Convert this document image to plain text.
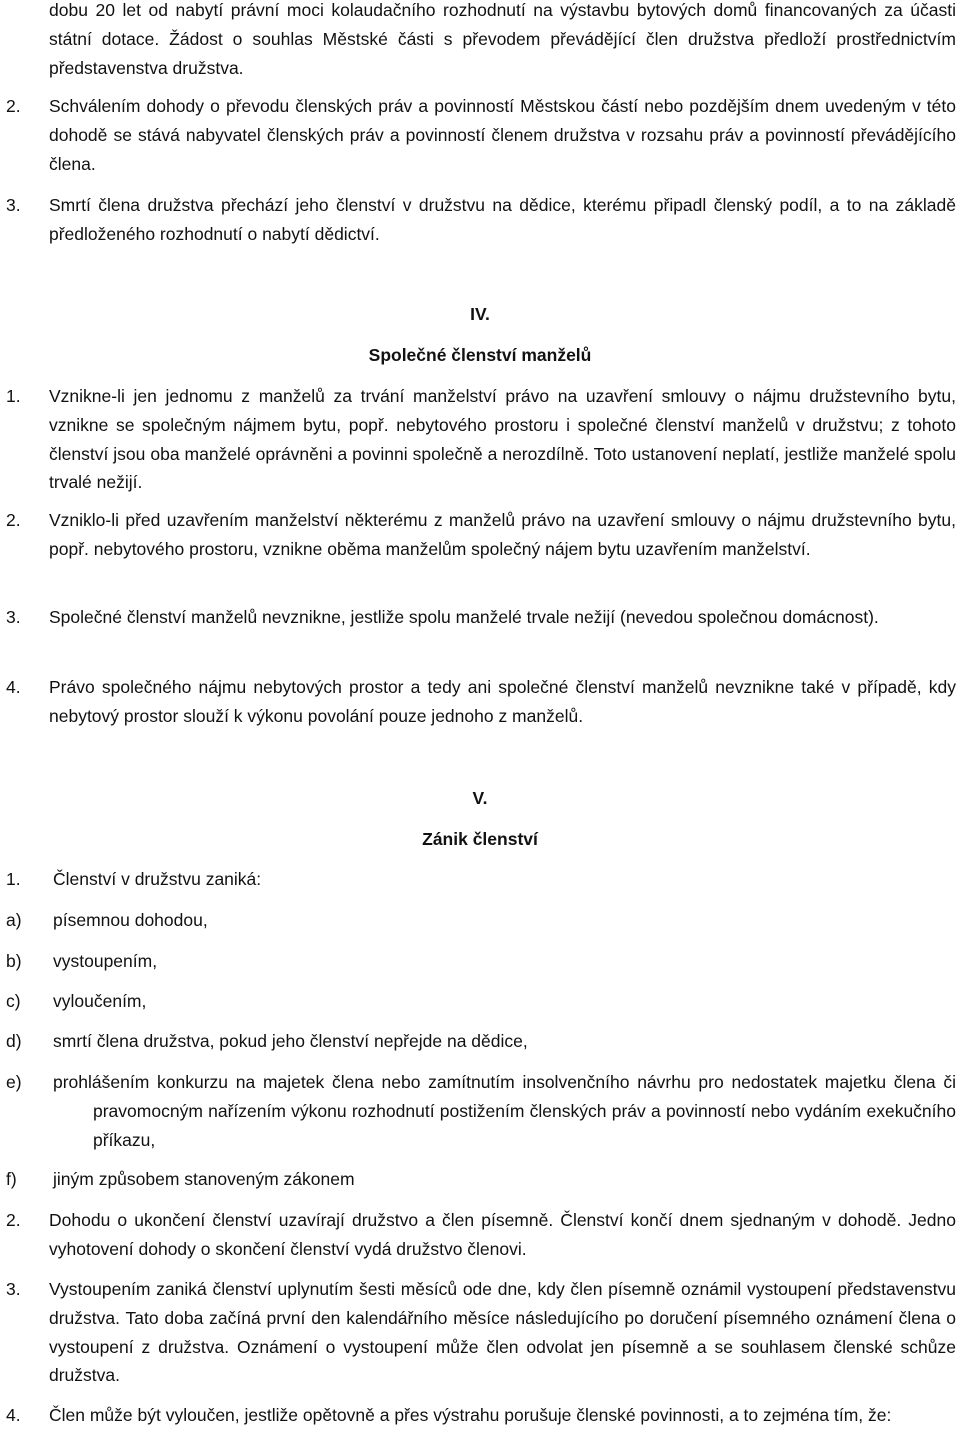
dobu 20 let od nabytí právní moci kolaudačního rozhodnutí na výstavbu bytových domů financovaných za účasti státní dotace. Žádost o souhlas Městské části s převodem převádějící člen družstva předloží prostřednictvím představenstva družstva.

2. Schválením dohody o převodu členských práv a povinností Městskou částí nebo pozdějším dnem uvedeným v této dohodě se stává nabyvatel členských práv a povinností členem družstva v rozsahu práv a povinností převádějícího člena.

3. Smrtí člena družstva přechází jeho členství v družstvu na dědice, kterému připadl členský podíl, a to na základě předloženého rozhodnutí o nabytí dědictví.

IV.

Společné členství manželů

1. Vznikne-li jen jednomu z manželů za trvání manželství právo na uzavření smlouvy o nájmu družstevního bytu, vznikne se společným nájmem bytu, popř. nebytového prostoru i společné členství manželů v družstvu; z tohoto členství jsou oba manželé oprávněni a povinni společně a nerozdílně. Toto ustanovení neplatí, jestliže manželé spolu trvalé nežijí.

2. Vzniklo-li před uzavřením manželství některému z manželů právo na uzavření smlouvy o nájmu družstevního bytu, popř. nebytového prostoru, vznikne oběma manželům společný nájem bytu uzavřením manželství.

3. Společné členství manželů nevznikne, jestliže spolu manželé trvale nežijí (nevedou společnou domácnost).

4. Právo společného nájmu nebytových prostor a tedy ani společné členství manželů nevznikne také v případě, kdy nebytový prostor slouží k výkonu povolání pouze jednoho z manželů.

V.

Zánik členství

1. Členství v družstvu zaniká:

a) písemnou dohodou,
b) vystoupením,
c) vyloučením,
d) smrtí člena družstva, pokud jeho členství nepřejde na dědice,
e) prohlášením konkurzu na majetek člena nebo zamítnutím insolvenčního návrhu pro nedostatek majetku člena či pravomocným nařízením výkonu rozhodnutí postižením členských práv a povinností nebo vydáním exekučního příkazu,
f) jiným způsobem stanoveným zákonem
2. Dohodu o ukončení členství uzavírají družstvo a člen písemně. Členství končí dnem sjednaným v dohodě. Jedno vyhotovení dohody o skončení členství vydá družstvo členovi.

3. Vystoupením zaniká členství uplynutím šesti měsíců ode dne, kdy člen písemně oznámil vystoupení představenstvu družstva. Tato doba začíná první den kalendářního měsíce následujícího po doručení písemného oznámení člena o vystoupení z družstva. Oznámení o vystoupení může člen odvolat jen písemně a se souhlasem členské schůze družstva.

4. Člen může být vyloučen, jestliže opětovně a přes výstrahu porušuje členské povinnosti, a to zejména tím, že:
